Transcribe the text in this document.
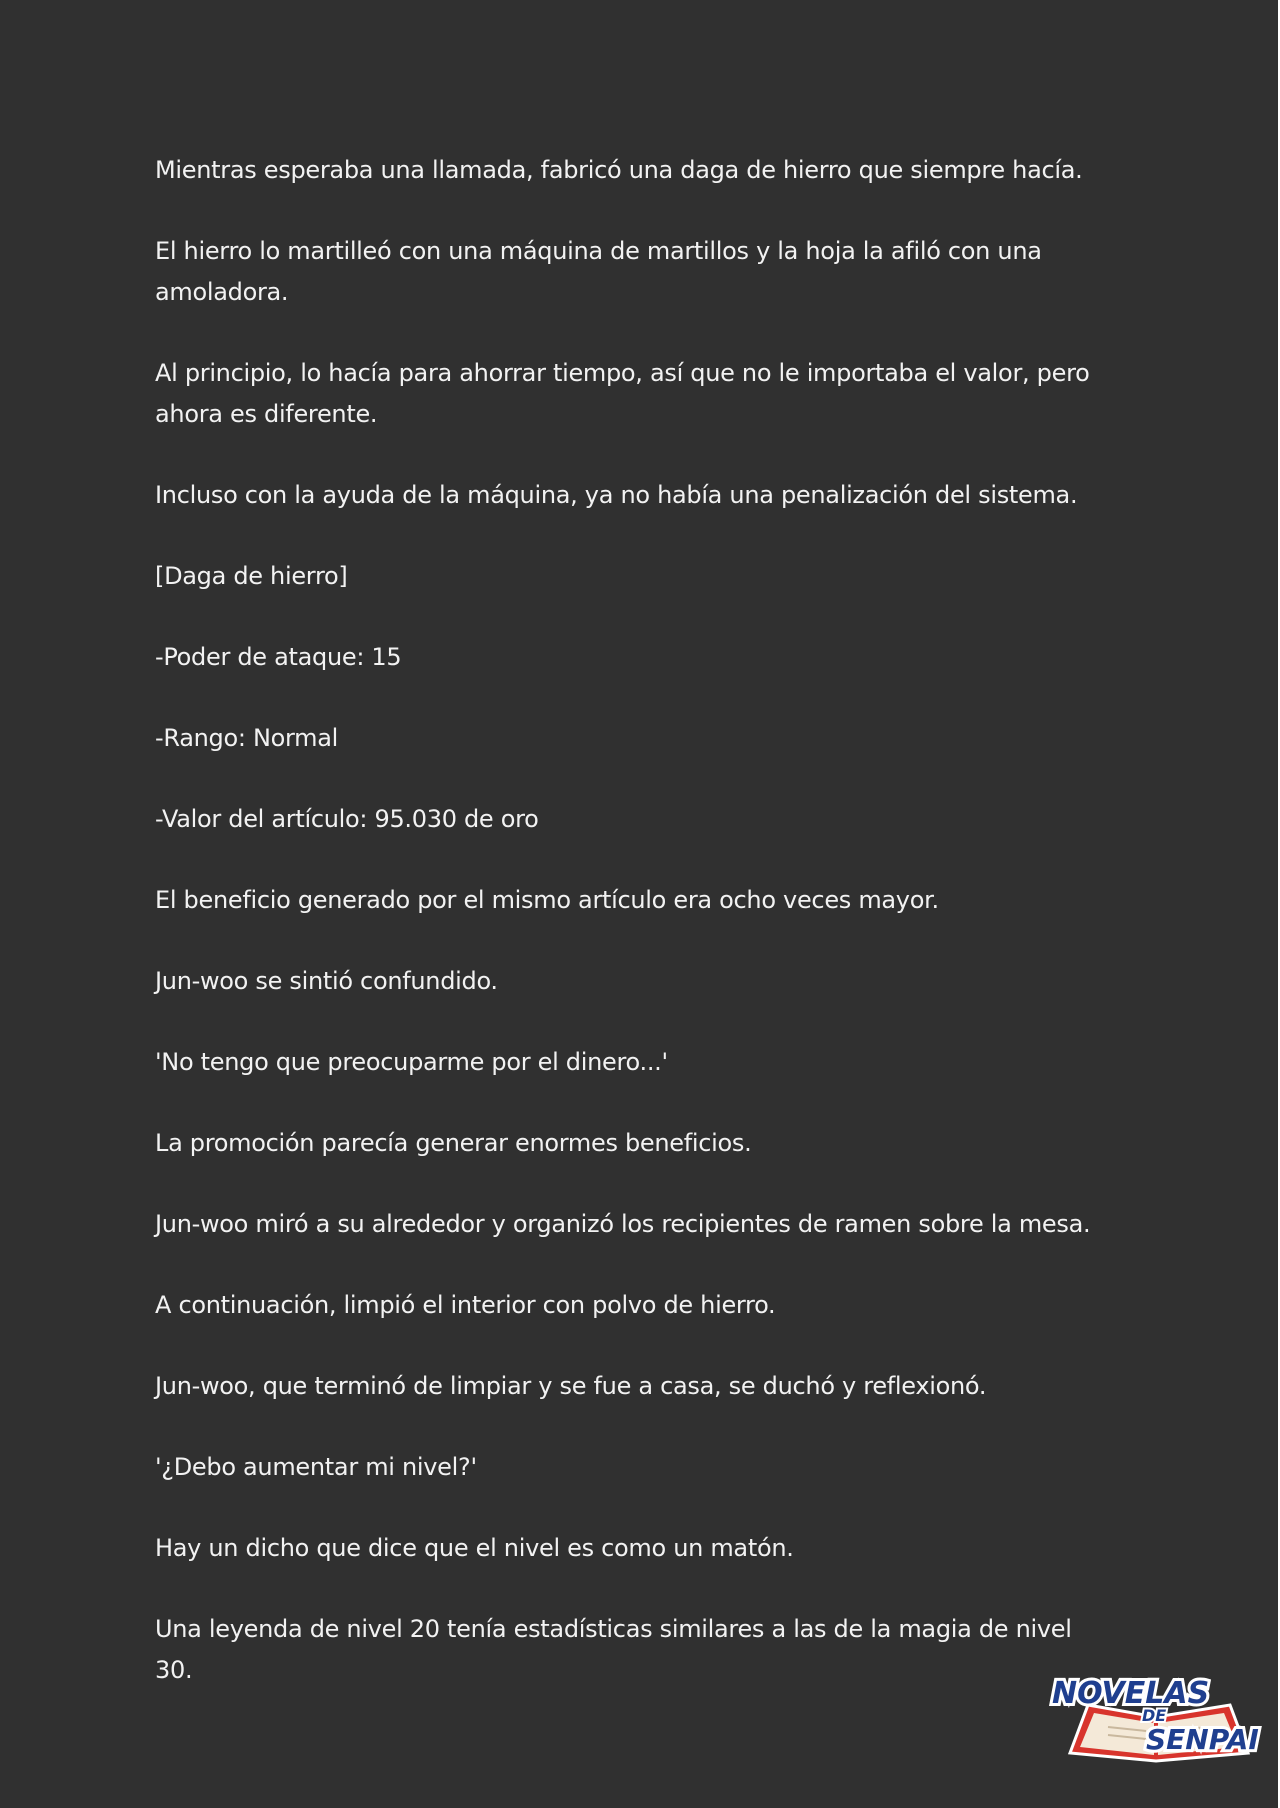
Mientras esperaba una llamada, fabricó una daga de hierro que siempre hacía.

El hierro lo martilleó con una máquina de martillos y la hoja la afiló con una amoladora.

Al principio, lo hacía para ahorrar tiempo, así que no le importaba el valor, pero ahora es diferente.

Incluso con la ayuda de la máquina, ya no había una penalización del sistema.

[Daga de hierro]

-Poder de ataque: 15

-Rango: Normal

-Valor del artículo: 95.030 de oro

El beneficio generado por el mismo artículo era ocho veces mayor.

Jun-woo se sintió confundido.

'No tengo que preocuparme por el dinero...'

La promoción parecía generar enormes beneficios.

Jun-woo miró a su alrededor y organizó los recipientes de ramen sobre la mesa.

A continuación, limpió el interior con polvo de hierro.

Jun-woo, que terminó de limpiar y se fue a casa, se duchó y reflexionó.

'¿Debo aumentar mi nivel?'

Hay un dicho que dice que el nivel es como un matón.

Una leyenda de nivel 20 tenía estadísticas similares a las de la magia de nivel 30.

NOVELAS
DE
SENPAI
